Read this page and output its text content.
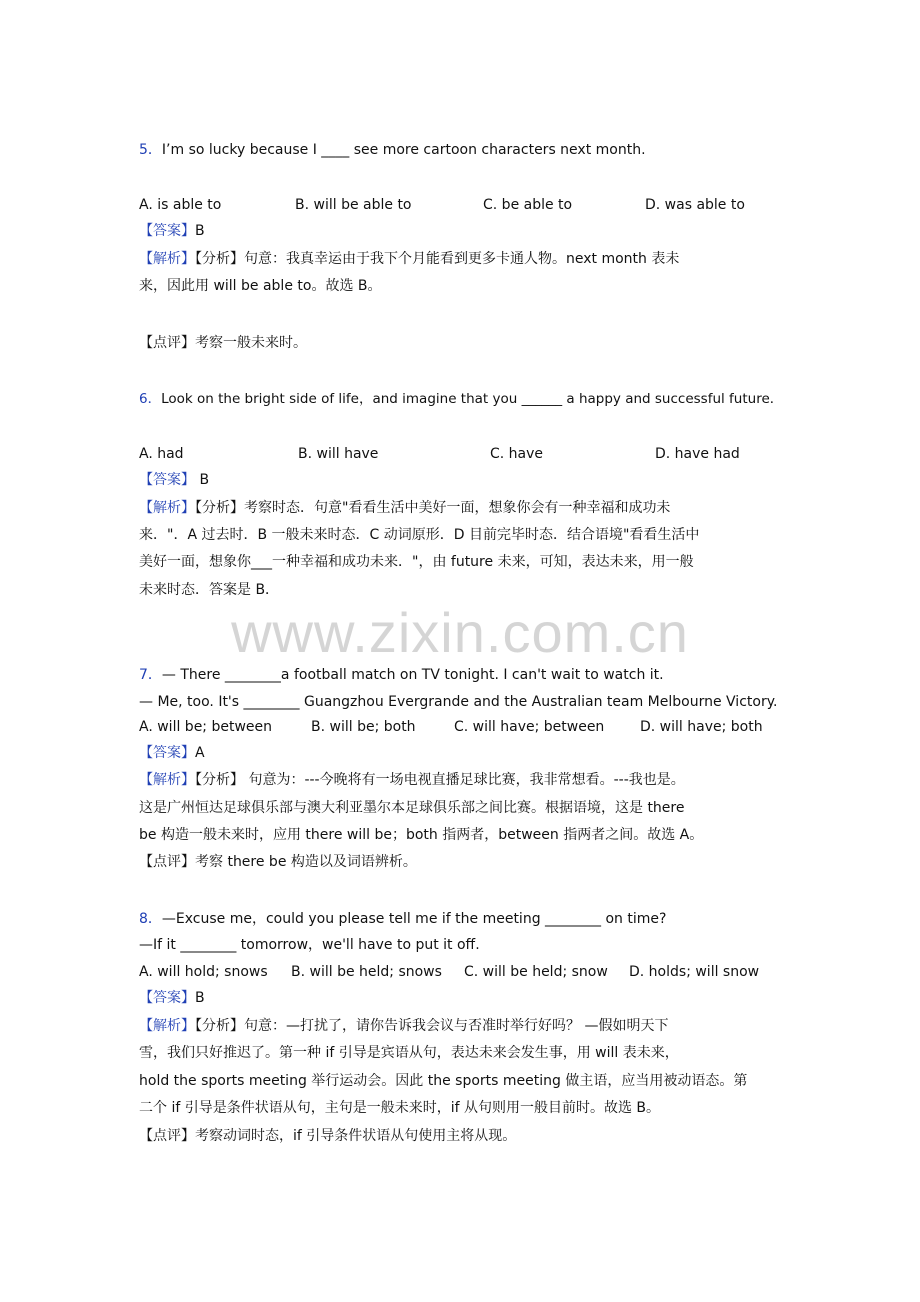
www.zixin.com.cn
5．I’m so lucky because I ____ see more cartoon characters next month.
A. is able to	B. will be able to	C. be able to	D. was able to
【答案】B
【解析】【分析】句意：我真幸运由于我下个月能看到更多卡通人物。next month 表未
来，因此用 will be able to。故选 B。
【点评】考察一般未来时。
6．Look on the bright side of life，and imagine that you ______ a happy and successful future．
A. had	B. will have	C. have	D. have had
【答案】 B
【解析】【分析】考察时态．句意"看看生活中美好一面，想象你会有一种幸福和成功未
来．"．A 过去时．B 一般未来时态．C 动词原形．D 目前完毕时态．结合语境"看看生活中
美好一面，想象你___一种幸福和成功未来．"，由 future 未来，可知，表达未来，用一般
未来时态．答案是 B．
7．— There ________a football match on TV tonight. I can't wait to watch it.
— Me, too. It's ________ Guangzhou Evergrande and the Australian team Melbourne Victory.
A. will be; between	B. will be; both	C. will have; between	D. will have; both
【答案】A
【解析】【分析】 句意为：---今晚将有一场电视直播足球比赛，我非常想看。---我也是。
这是广州恒达足球俱乐部与澳大利亚墨尔本足球俱乐部之间比赛。根据语境，这是 there
be 构造一般未来时，应用 there will be；both 指两者，between 指两者之间。故选 A。
【点评】考察 there be 构造以及词语辨析。
8．—Excuse me，could you please tell me if the meeting ________ on time?
—If it ________ tomorrow，we'll have to put it off.
A. will hold; snows B. will be held; snows C. will be held; snow D. holds; will snow
【答案】B
【解析】【分析】句意：—打扰了，请你告诉我会议与否准时举行好吗？ —假如明天下
雪，我们只好推迟了。第一种 if 引导是宾语从句，表达未来会发生事，用 will 表未来，
hold the sports meeting 举行运动会。因此 the sports meeting 做主语，应当用被动语态。第
二个 if 引导是条件状语从句，主句是一般未来时，if 从句则用一般目前时。故选 B。
【点评】考察动词时态，if 引导条件状语从句使用主将从现。
